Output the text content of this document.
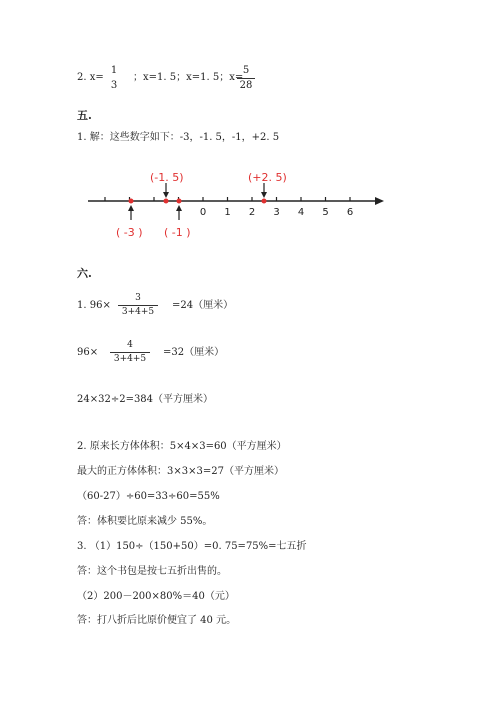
2. x=
1
3
；x=1. 5；x=1. 5；x=
5
28
五.
1. 解：这些数字如下：-3，-1. 5，-1，+2. 5
0 1 2 3 4 5 6
(-1. 5)	(+2. 5)
( -3 ) ( -1 )
六.
1. 96×
3
3+4+5
=24（厘米）
96×
4
3+4+5
=32（厘米）
24×32÷2=384（平方厘米）
2. 原来长方体体积：5×4×3=60（平方厘米）
最大的正方体体积：3×3×3=27（平方厘米）
（60-27）÷60=33÷60=55%
答：体积要比原来减少 55%。
3. （1）150÷（150+50）=0. 75=75%=七五折
答：这个书包是按七五折出售的。
（2）200－200×80%＝40（元）
答：打八折后比原价便宜了 40 元。
